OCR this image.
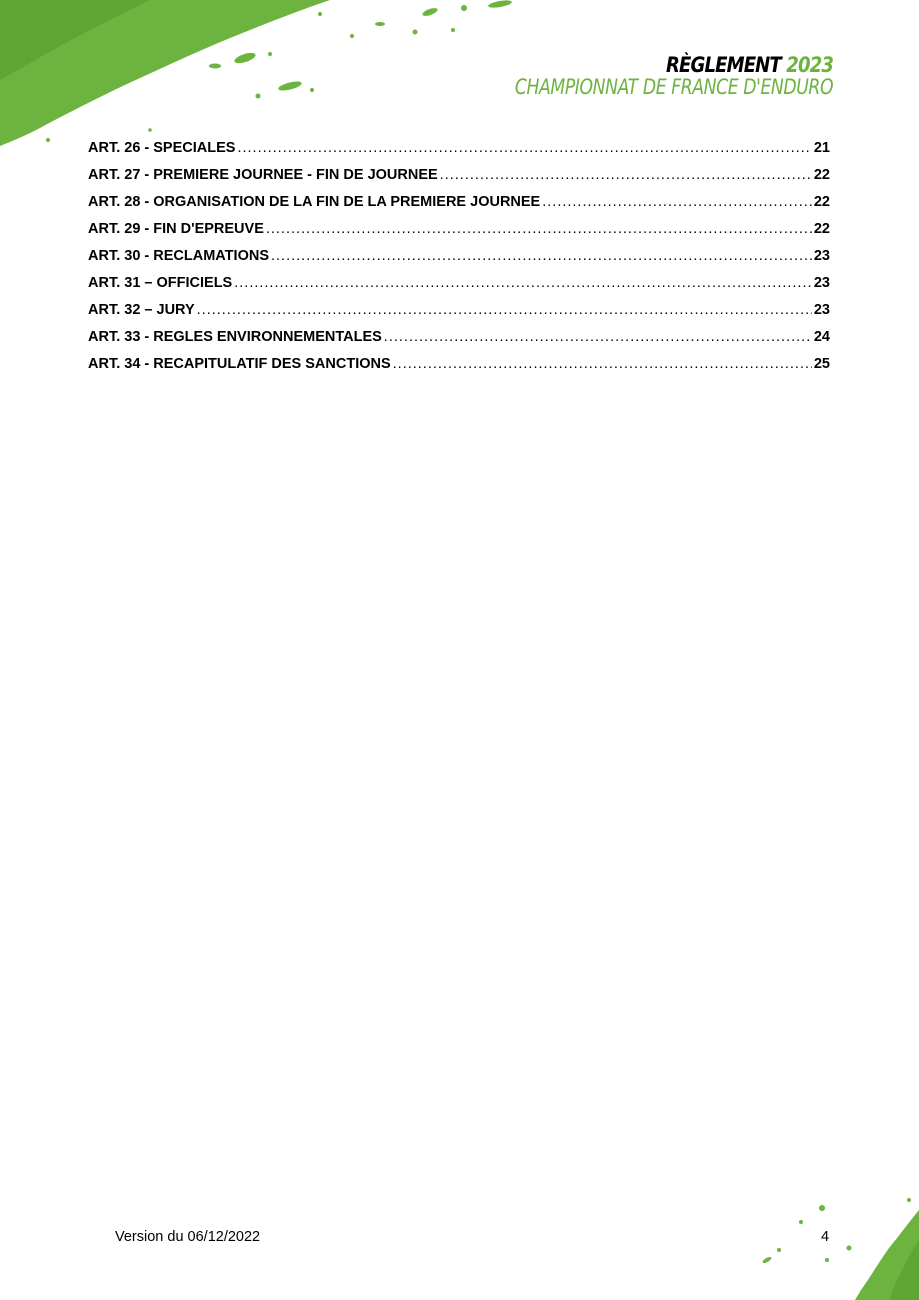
RÈGLEMENT 2023
CHAMPIONNAT DE FRANCE D'ENDURO
ART. 26 - SPECIALES .....	21
ART. 27 - PREMIERE JOURNEE - FIN DE JOURNEE .....	22
ART. 28 - ORGANISATION DE LA FIN DE LA PREMIERE JOURNEE .....	22
ART. 29 - FIN D'EPREUVE .....	22
ART. 30 - RECLAMATIONS .....	23
ART. 31 – OFFICIELS .....	23
ART. 32 – JURY .....	23
ART. 33 - REGLES ENVIRONNEMENTALES .....	24
ART. 34 - RECAPITULATIF DES SANCTIONS .....	25
Version du 06/12/2022	4
